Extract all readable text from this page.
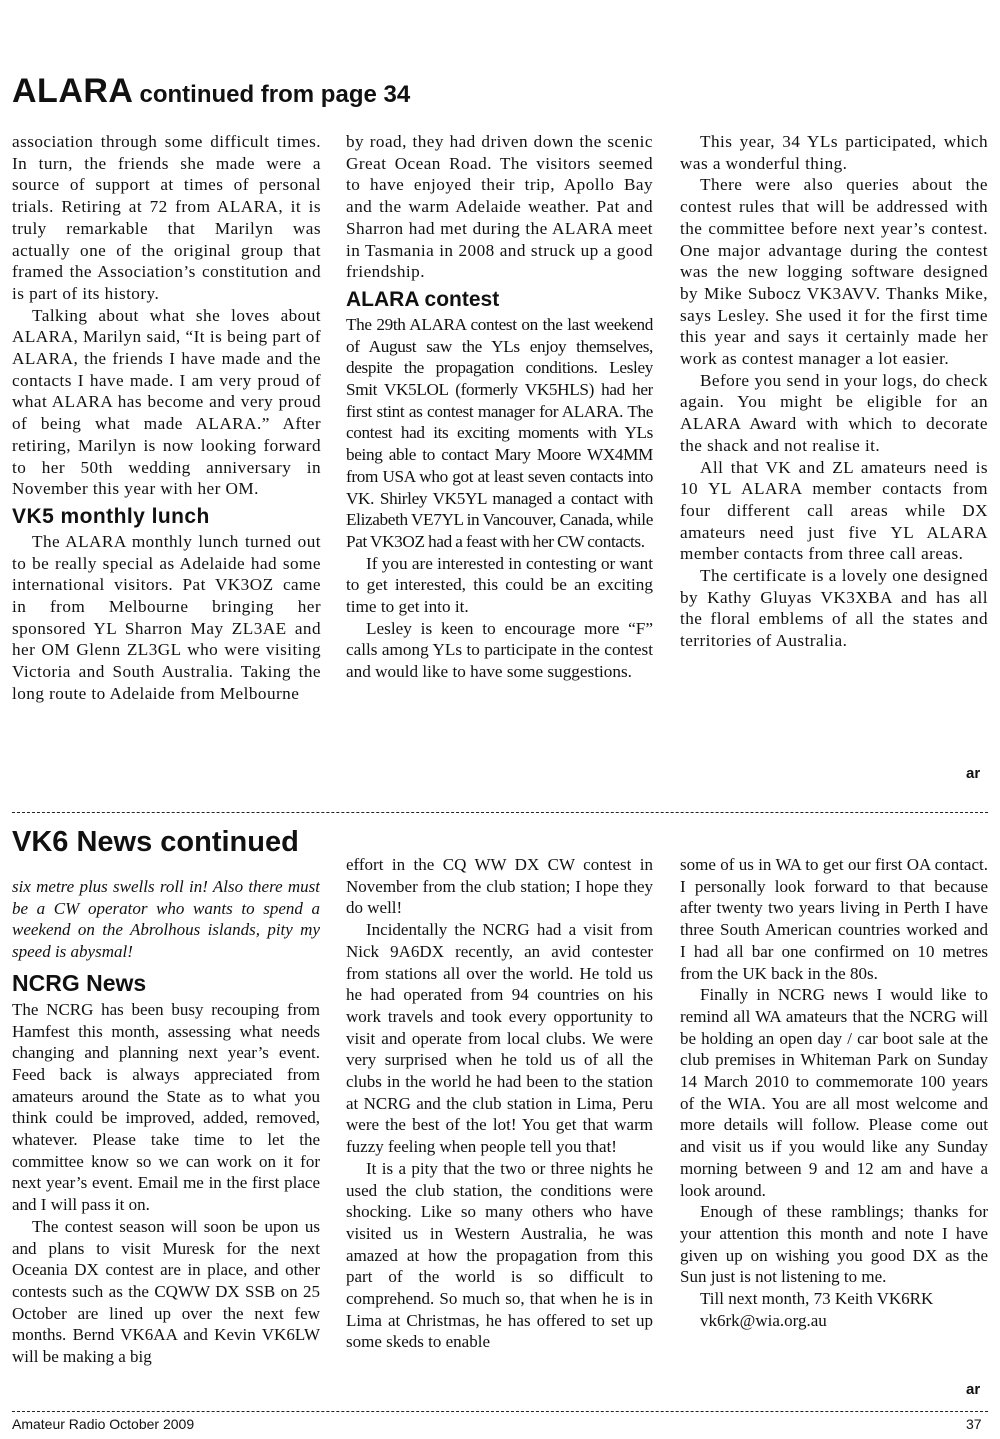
ALARA continued from page 34

association through some difficult times. In turn, the friends she made were a source of support at times of personal trials. Retiring at 72 from ALARA, it is truly remarkable that Marilyn was actually one of the original group that framed the Association’s constitution and is part of its history.

Talking about what she loves about ALARA, Marilyn said, “It is being part of ALARA, the friends I have made and the contacts I have made. I am very proud of what ALARA has become and very proud of being what made ALARA.” After retiring, Marilyn is now looking forward to her 50th wedding anniversary in November this year with her OM.

VK5 monthly lunch

The ALARA monthly lunch turned out to be really special as Adelaide had some international visitors. Pat VK3OZ came in from Melbourne bringing her sponsored YL Sharron May ZL3AE and her OM Glenn ZL3GL who were visiting Victoria and South Australia. Taking the long route to Adelaide from Melbourne

by road, they had driven down the scenic Great Ocean Road. The visitors seemed to have enjoyed their trip, Apollo Bay and the warm Adelaide weather. Pat and Sharron had met during the ALARA meet in Tasmania in 2008 and struck up a good friendship.

ALARA contest

The 29th ALARA contest on the last weekend of August saw the YLs enjoy themselves, despite the propagation conditions. Lesley Smit VK5LOL (formerly VK5HLS) had her first stint as contest manager for ALARA. The contest had its exciting moments with YLs being able to contact Mary Moore WX4MM from USA who got at least seven contacts into VK. Shirley VK5YL managed a contact with Elizabeth VE7YL in Vancouver, Canada, while Pat VK3OZ had a feast with her CW contacts.

If you are interested in contesting or want to get interested, this could be an exciting time to get into it.

Lesley is keen to encourage more “F” calls among YLs to participate in the contest and would like to have some suggestions.

This year, 34 YLs participated, which was a wonderful thing.

There were also queries about the contest rules that will be addressed with the committee before next year’s contest. One major advantage during the contest was the new logging software designed by Mike Subocz VK3AVV. Thanks Mike, says Lesley. She used it for the first time this year and says it certainly made her work as contest manager a lot easier.

Before you send in your logs, do check again. You might be eligible for an ALARA Award with which to decorate the shack and not realise it.

All that VK and ZL amateurs need is 10 YL ALARA member contacts from four different call areas while DX amateurs need just five YL ALARA member contacts from three call areas.

The certificate is a lovely one designed by Kathy Gluyas VK3XBA and has all the floral emblems of all the states and territories of Australia.

ar
VK6 News continued

six metre plus swells roll in! Also there must be a CW operator who wants to spend a weekend on the Abrolhous islands, pity my speed is abysmal!

NCRG News

The NCRG has been busy recouping from Hamfest this month, assessing what needs changing and planning next year’s event. Feed back is always appreciated from amateurs around the State as to what you think could be improved, added, removed, whatever. Please take time to let the committee know so we can work on it for next year’s event. Email me in the first place and I will pass it on.

The contest season will soon be upon us and plans to visit Muresk for the next Oceania DX contest are in place, and other contests such as the CQWW DX SSB on 25 October are lined up over the next few months. Bernd VK6AA and Kevin VK6LW will be making a big

effort in the CQ WW DX CW contest in November from the club station; I hope they do well!

Incidentally the NCRG had a visit from Nick 9A6DX recently, an avid contester from stations all over the world. He told us he had operated from 94 countries on his work travels and took every opportunity to visit and operate from local clubs. We were very surprised when he told us of all the clubs in the world he had been to the station at NCRG and the club station in Lima, Peru were the best of the lot! You get that warm fuzzy feeling when people tell you that!

It is a pity that the two or three nights he used the club station, the conditions were shocking. Like so many others who have visited us in Western Australia, he was amazed at how the propagation from this part of the world is so difficult to comprehend. So much so, that when he is in Lima at Christmas, he has offered to set up some skeds to enable

some of us in WA to get our first OA contact. I personally look forward to that because after twenty two years living in Perth I have three South American countries worked and I had all bar one confirmed on 10 metres from the UK back in the 80s.

Finally in NCRG news I would like to remind all WA amateurs that the NCRG will be holding an open day / car boot sale at the club premises in Whiteman Park on Sunday 14 March 2010 to commemorate 100 years of the WIA. You are all most welcome and more details will follow. Please come out and visit us if you would like any Sunday morning between 9 and 12 am and have a look around.

Enough of these ramblings; thanks for your attention this month and note I have given up on wishing you good DX as the Sun just is not listening to me.

Till next month, 73 Keith VK6RK

vk6rk@wia.org.au

ar
Amateur Radio October 2009	37
